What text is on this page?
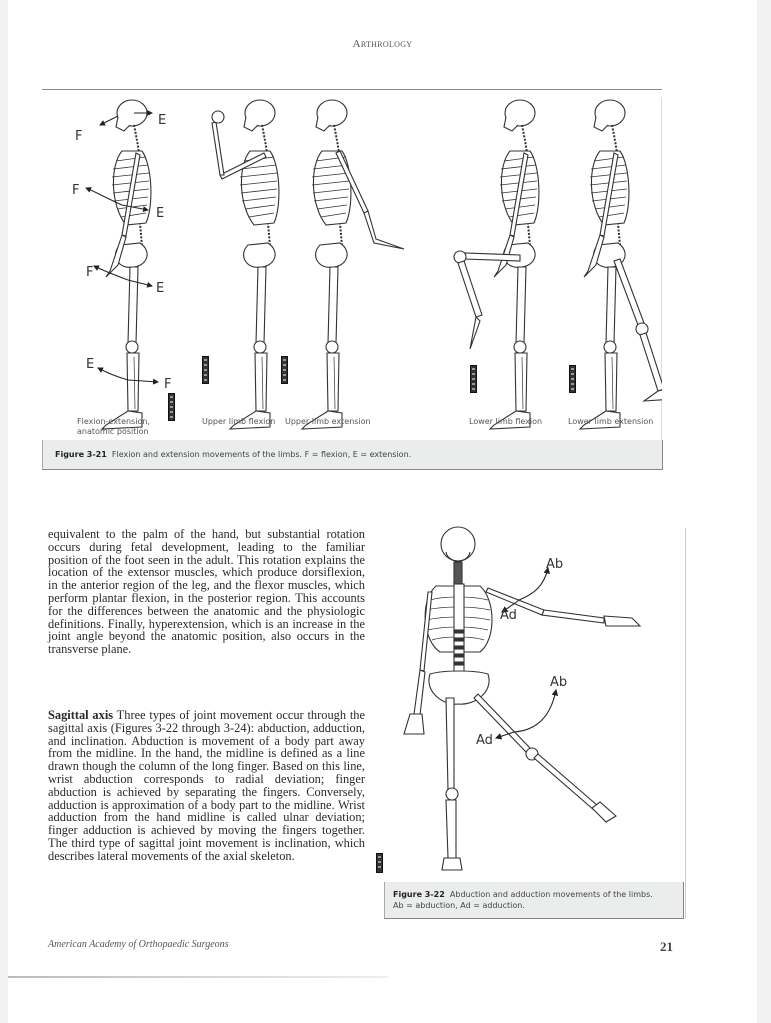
Arthrology
E
F
F
E
F
E
E
F
Flexion-extension,
anatomic position
Upper limb flexion Upper limb extension	Lower limb flexion	Lower limb extension
Figure 3-21 Flexion and extension movements of the limbs. F = flexion, E = extension.
equivalent to the palm of the hand, but substantial rotation occurs during fetal development, leading to the familiar position of the foot seen in the adult. This rotation explains the location of the extensor muscles, which produce dorsiflexion, in the anterior region of the leg, and the flexor muscles, which perform plantar flexion, in the posterior region. This accounts for the differences between the anatomic and the physiologic definitions. Finally, hyperextension, which is an increase in the joint angle beyond the anatomic position, also occurs in the transverse plane.
Sagittal axis Three types of joint movement occur through the sagittal axis (Figures 3-22 through 3-24): abduction, adduction, and inclination. Abduction is movement of a body part away from the midline. In the hand, the midline is defined as a line drawn though the column of the long finger. Based on this line, wrist abduction corresponds to radial deviation; finger abduction is achieved by separating the fingers. Conversely, adduction is approximation of a body part to the midline. Wrist adduction from the hand midline is called ulnar deviation; finger adduction is achieved by moving the fingers together. The third type of sagittal joint movement is inclination, which describes lateral movements of the axial skeleton.
Ab
Ad
Ab
Ad
Figure 3-22 Abduction and adduction movements of the limbs.
Ab = abduction, Ad = adduction.
American Academy of Orthopaedic Surgeons	21
